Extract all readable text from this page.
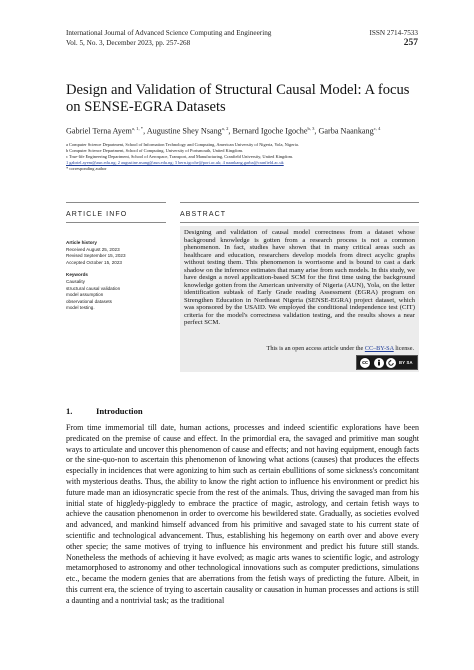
International Journal of Advanced Science Computing and Engineering
Vol. 5, No. 3, December 2023, pp. 257-268
ISSN 2714-7533
257
Design and Validation of Structural Causal Model: A focus on SENSE-EGRA Datasets
Gabriel Terna Ayem$^{a, 1, *}$, Augustine Shey Nsang$^{a, 2}$, Bernard Igoche Igoche$^{b, 3}$, Garba Naankang$^{c, 4}$
a Computer Science Department, School of Information Technology and Computing, American University of Nigeria, Yola, Nigeria.
b Computer Science Department, School of Computing, University of Portsmouth, United Kingdom.
c True-life Engineering Department, School of Aerospace, Transport, and Manufacturing, Cranfield University, United Kingdom.
1 gabriel.ayem@aun.edu.ng; 2 augustine.nsang@aun.edu.ng; 3 bern.igoche@port.ac.uk; 4 naankang.garba@cranfield.ac.uk
* corresponding author
ARTICLE INFO	ABSTRACT
Article history
Received August 25, 2023
Revised September 15, 2023
Accepted October 15, 2023
Keywords
Causality
structural causal validation
model assumption
observational datasets
model testing.
Designing and validation of causal model correctness from a dataset whose background knowledge is gotten from a research process is not a common phenomenon. In fact, studies have shown that in many critical areas such as healthcare and education, researchers develop models from direct acyclic graphs without testing them. This phenomenon is worrisome and is bound to cast a dark shadow on the inference estimates that many arise from such models. In this study, we have design a novel application-based SCM for the first time using the background knowledge gotten from the American university of Nigeria (AUN), Yola, on the letter identification subtask of Early Grade reading Assessment (EGRA) program on Strengthen Education in Northeast Nigeria (SENSE-EGRA) project dataset, which was sponsored by the USAID. We employed the conditional independence test (CIT) criteria for the model's correctness validation testing, and the results shows a near perfect SCM.
This is an open access article under the CC–BY-SA license.
cc	BY SA
1.	Introduction
From time immemorial till date, human actions, processes and indeed scientific explorations have been predicated on the premise of cause and effect. In the primordial era, the savaged and primitive man sought ways to articulate and uncover this phenomenon of cause and effects; and not having equipment, enough facts or the sine-quo-non to ascertain this phenomenon of knowing what actions (causes) that produces the effects especially in incidences that were agonizing to him such as certain ebullitions of some sickness's concomitant with mysterious deaths. Thus, the ability to know the right action to influence his environment or predict his future made man an idiosyncratic specie from the rest of the animals. Thus, driving the savaged man from his initial state of higgledy-piggledy to embrace the practice of magic, astrology, and certain fetish ways to achieve the causation phenomenon in order to overcome his bewildered state. Gradually, as societies evolved and advanced, and mankind himself advanced from his primitive and savaged state to his current state of scientific and technological advancement. Thus, establishing his hegemony on earth over and above every other specie; the same motives of trying to influence his environment and predict his future still stands. Nonetheless the methods of achieving it have evolved; as magic arts wanes to scientific logic, and astrology metamorphosed to astronomy and other technological innovations such as computer predictions, simulations etc., became the modern genies that are aberrations from the fetish ways of predicting the future. Albeit, in this current era, the science of trying to ascertain causality or causation in human processes and actions is still a daunting and a nontrivial task; as the traditional
